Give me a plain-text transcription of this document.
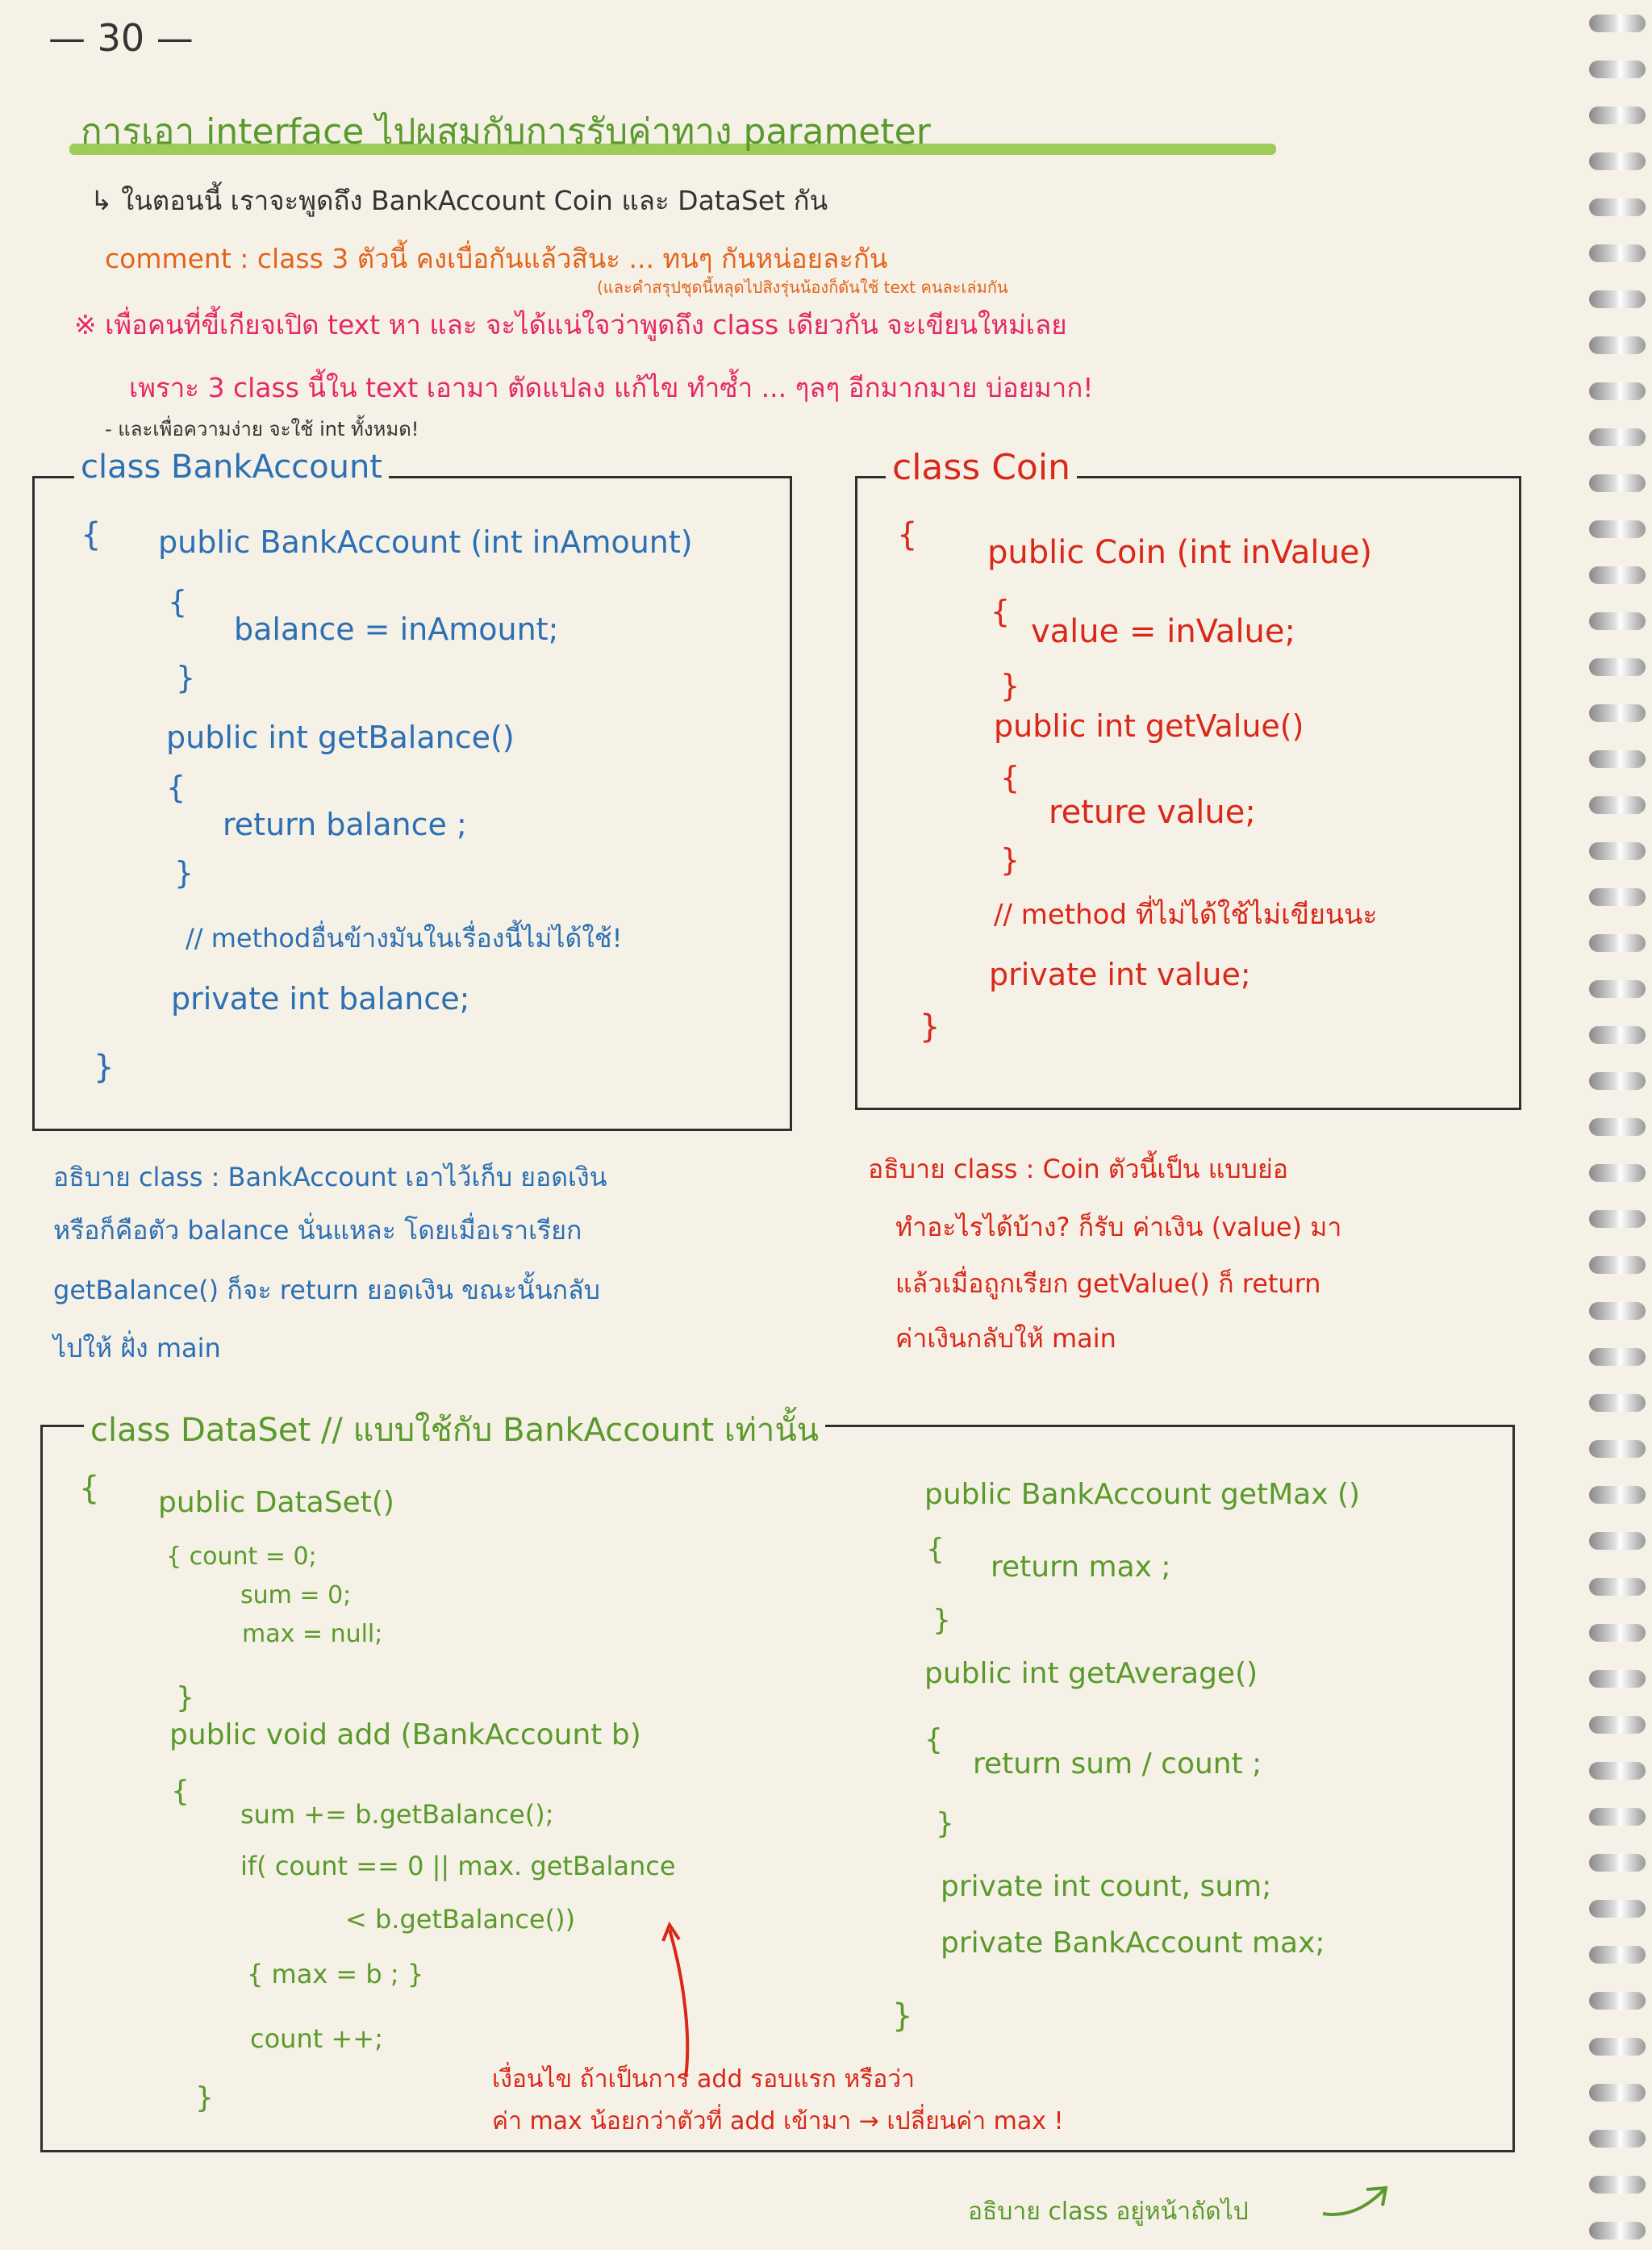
— 30 —
การเอา interface ไปผสมกับการรับค่าทาง parameter
↳ ในตอนนี้ เราจะพูดถึง BankAccount Coin และ DataSet กัน
comment : class 3 ตัวนี้ คงเบื่อกันแล้วสินะ ... ทนๆ กันหน่อยละกัน
(และคำสรุปชุดนี้หลุดไปสิงรุ่นน้องก็ดันใช้ text คนละเล่มกัน
※ เพื่อคนที่ขี้เกียจเปิด text หา และ จะได้แน่ใจว่าพูดถึง class เดียวกัน จะเขียนใหม่เลย
เพราะ 3 class นี้ใน text เอามา ตัดแปลง แก้ไข ทำซ้ำ ... ๆลๆ อีกมากมาย บ่อยมาก!
- และเพื่อความง่าย จะใช้ int ทั้งหมด!
class BankAccount
{ public BankAccount (int inAmount)
{
balance = inAmount;
}
public int getBalance()
{
return balance ;
}
// methodอื่นข้างมันในเรื่องนี้ไม่ได้ใช้!
private int balance;
}
class Coin
{ public Coin (int inValue)
{
value = inValue;
}
public int getValue()
{
reture value;
}
// method ที่ไม่ได้ใช้ไม่เขียนนะ
private int value;
}
อธิบาย class : BankAccount เอาไว้เก็บ ยอดเงิน
หรือก็คือตัว balance นั่นแหละ โดยเมื่อเราเรียก
getBalance() ก็จะ return ยอดเงิน ขณะนั้นกลับ
ไปให้ ฝั่ง main
อธิบาย class : Coin ตัวนี้เป็น แบบย่อ
ทำอะไรได้บ้าง? ก็รับ ค่าเงิน (value) มา
แล้วเมื่อถูกเรียก getValue() ก็ return
ค่าเงินกลับให้ main
class DataSet // แบบใช้กับ BankAccount เท่านั้น
{ public DataSet()
{ count = 0;
sum = 0;
max = null;
}
public void add (BankAccount b)
{
sum += b.getBalance();
if( count == 0 || max. getBalance
< b.getBalance())
{ max = b ; }
count ++;
}
public BankAccount getMax ()
{
return max ;
}
public int getAverage()
{
return sum / count ;
}
private int count, sum;
private BankAccount max;
}
เงื่อนไข ถ้าเป็นการ add รอบแรก หรือว่า
ค่า max น้อยกว่าตัวที่ add เข้ามา → เปลี่ยนค่า max !
อธิบาย class อยู่หน้าถัดไป
